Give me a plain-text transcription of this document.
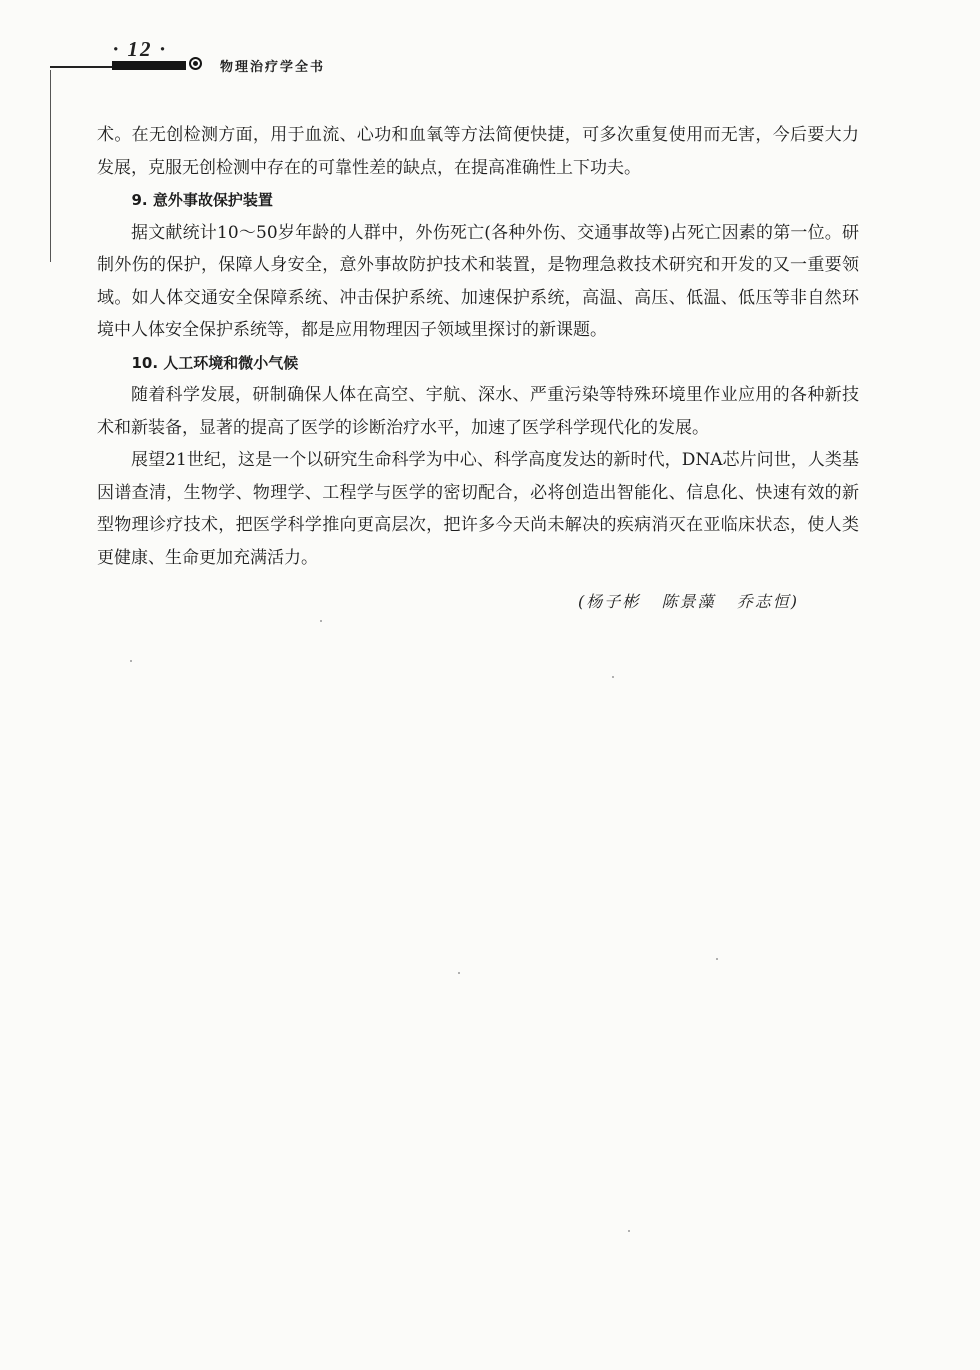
· 12 ·
物理治疗学全书

术。在无创检测方面，用于血流、心功和血氧等方法简便快捷，可多次重复使用而无害，今后要大力发展，克服无创检测中存在的可靠性差的缺点，在提高准确性上下功夫。

9. 意外事故保护装置

据文献统计10～50岁年龄的人群中，外伤死亡(各种外伤、交通事故等)占死亡因素的第一位。研制外伤的保护，保障人身安全，意外事故防护技术和装置，是物理急救技术研究和开发的又一重要领域。如人体交通安全保障系统、冲击保护系统、加速保护系统，高温、高压、低温、低压等非自然环境中人体安全保护系统等，都是应用物理因子领域里探讨的新课题。

10. 人工环境和微小气候

随着科学发展，研制确保人体在高空、宇航、深水、严重污染等特殊环境里作业应用的各种新技术和新装备，显著的提高了医学的诊断治疗水平，加速了医学科学现代化的发展。

展望21世纪，这是一个以研究生命科学为中心、科学高度发达的新时代，DNA芯片问世，人类基因谱查清，生物学、物理学、工程学与医学的密切配合，必将创造出智能化、信息化、快速有效的新型物理诊疗技术，把医学科学推向更高层次，把许多今天尚未解决的疾病消灭在亚临床状态，使人类更健康、生命更加充满活力。

(杨子彬   陈景藻   乔志恒)
